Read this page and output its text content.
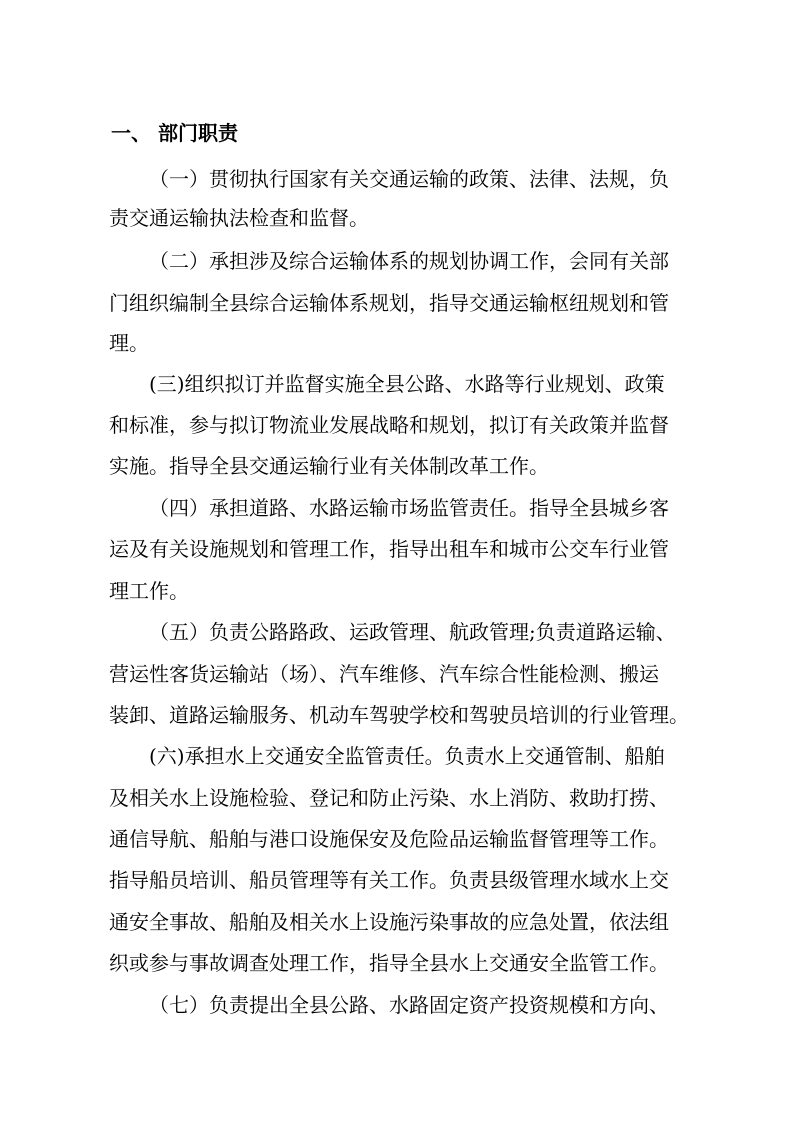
一、 部门职责
（一）贯彻执行国家有关交通运输的政策、法律、法规，负
责交通运输执法检查和监督。
（二）承担涉及综合运输体系的规划协调工作，会同有关部
门组织编制全县综合运输体系规划，指导交通运输枢纽规划和管
理。
(三)组织拟订并监督实施全县公路、水路等行业规划、政策
和标准，参与拟订物流业发展战略和规划，拟订有关政策并监督
实施。指导全县交通运输行业有关体制改革工作。
（四）承担道路、水路运输市场监管责任。指导全县城乡客
运及有关设施规划和管理工作，指导出租车和城市公交车行业管
理工作。
（五）负责公路路政、运政管理、航政管理;负责道路运输、
营运性客货运输站（场）、汽车维修、汽车综合性能检测、搬运
装卸、道路运输服务、机动车驾驶学校和驾驶员培训的行业管理。
(六)承担水上交通安全监管责任。负责水上交通管制、船舶
及相关水上设施检验、登记和防止污染、水上消防、救助打捞、
通信导航、船舶与港口设施保安及危险品运输监督管理等工作。
指导船员培训、船员管理等有关工作。负责县级管理水域水上交
通安全事故、船舶及相关水上设施污染事故的应急处置，依法组
织或参与事故调查处理工作，指导全县水上交通安全监管工作。
（七）负责提出全县公路、水路固定资产投资规模和方向、
